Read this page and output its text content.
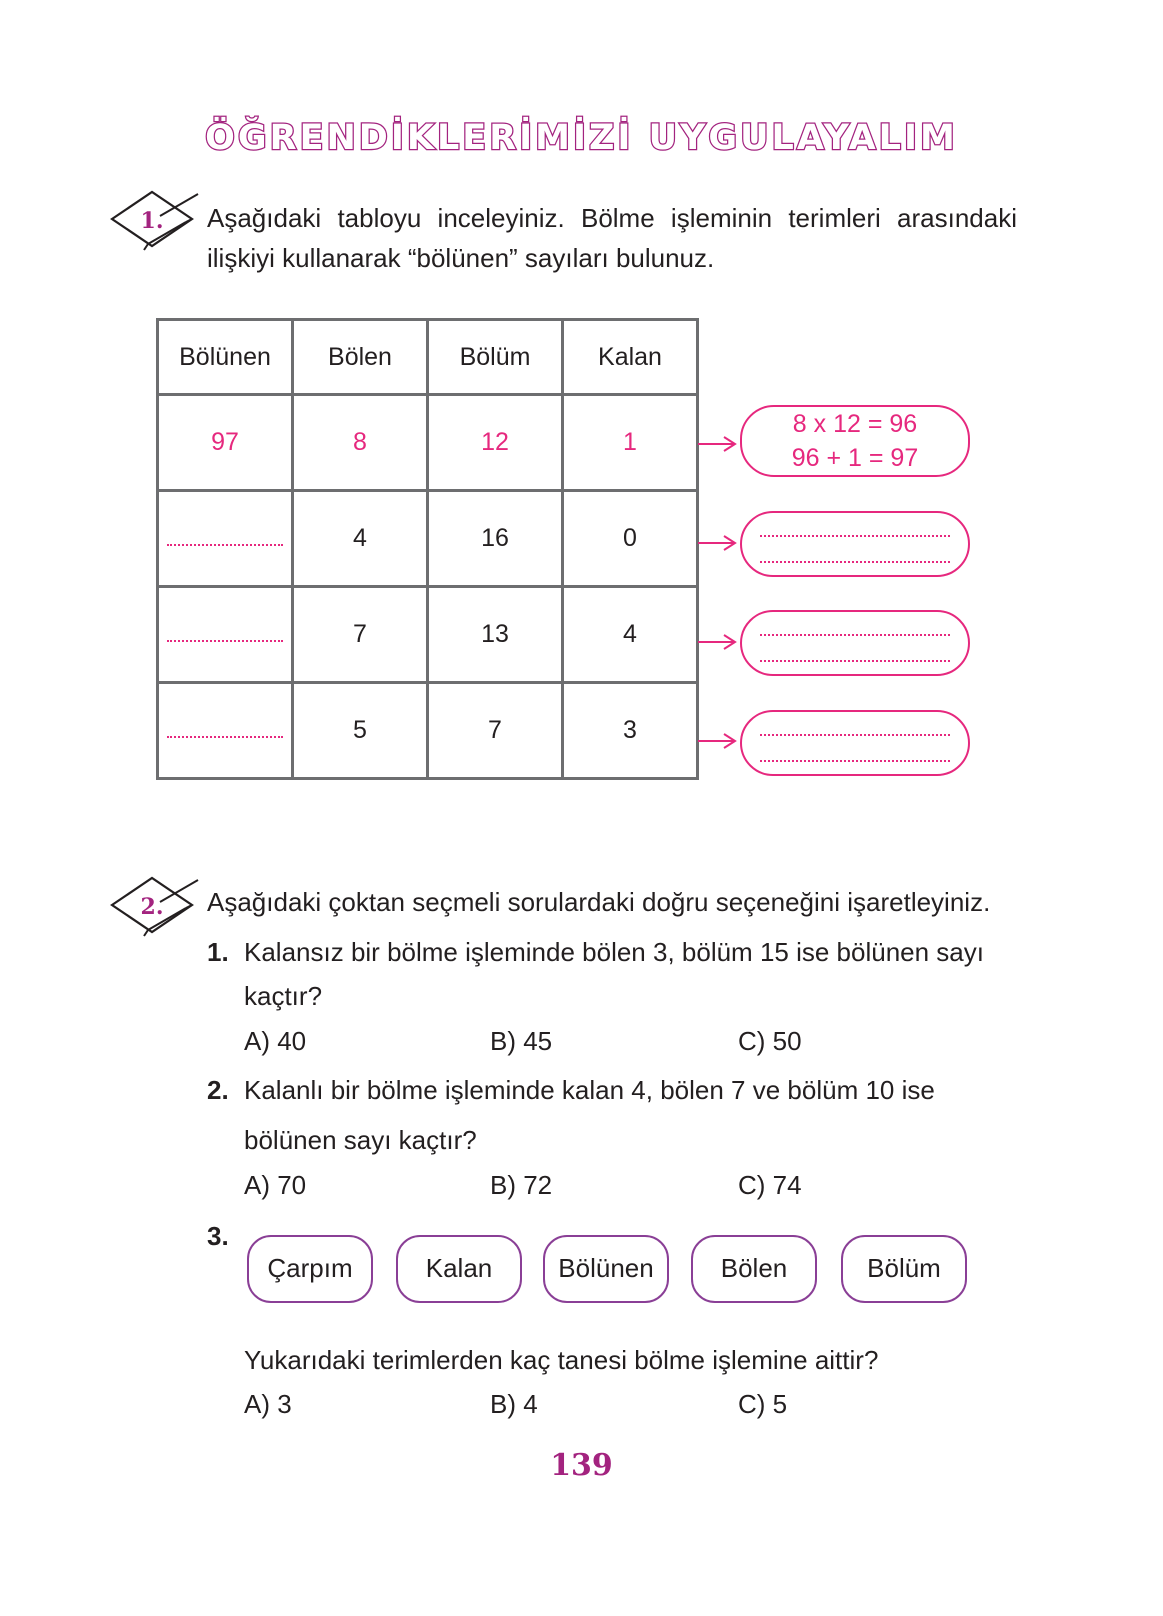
ÖĞRENDİKLERİMİZİ UYGULAYALIM
1. Aşağıdaki tabloyu inceleyiniz. Bölme işleminin terimleri arasındaki
ilişkiyi kullanarak “bölünen” sayıları bulunuz.
Bölünen	Bölen	Bölüm	Kalan
97	8	12	1
	4	16	0
	7	13	4
	5	7	3
8 x 12 = 96
96 + 1 = 97
2. Aşağıdaki çoktan seçmeli sorulardaki doğru seçeneğini işaretleyiniz.
1. Kalansız bir bölme işleminde bölen 3, bölüm 15 ise bölünen sayı
kaçtır?
A) 40	B) 45	C) 50
2. Kalanlı bir bölme işleminde kalan 4, bölen 7 ve bölüm 10 ise
bölünen sayı kaçtır?
A) 70	B) 72	C) 74
3.
Çarpım	Kalan	Bölünen	Bölen	Bölüm
Yukarıdaki terimlerden kaç tanesi bölme işlemine aittir?
A) 3	B) 4	C) 5
139
